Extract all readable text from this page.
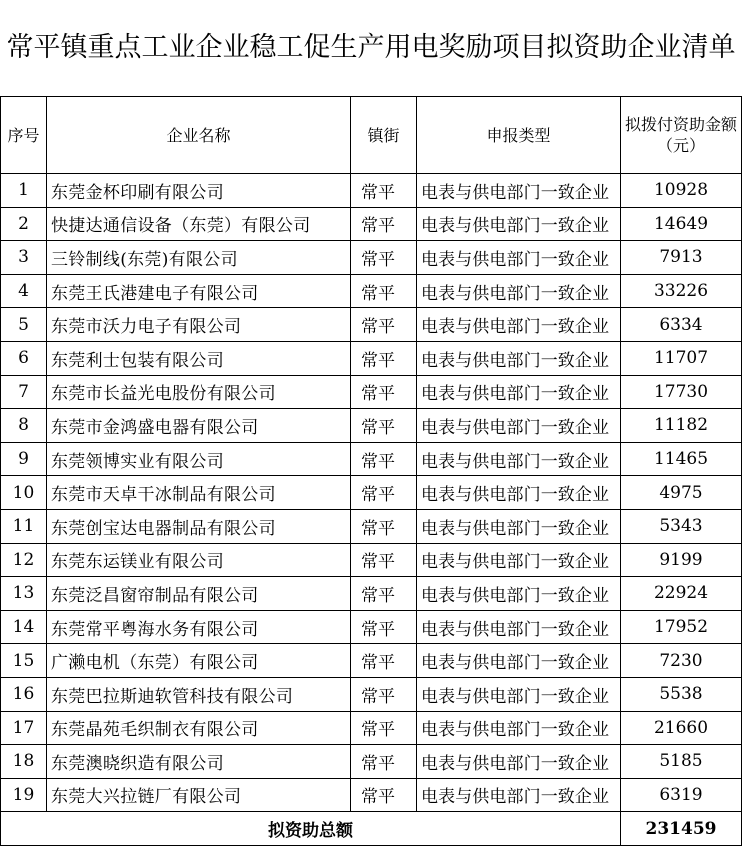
常平镇重点工业企业稳工促生产用电奖励项目拟资助企业清单
序号	企业名称	镇街	申报类型	拟拨付资助金额（元）
1	东莞金杯印刷有限公司	常平	电表与供电部门一致企业	10928
2	快捷达通信设备（东莞）有限公司	常平	电表与供电部门一致企业	14649
3	三铃制线(东莞)有限公司	常平	电表与供电部门一致企业	7913
4	东莞王氏港建电子有限公司	常平	电表与供电部门一致企业	33226
5	东莞市沃力电子有限公司	常平	电表与供电部门一致企业	6334
6	东莞利士包装有限公司	常平	电表与供电部门一致企业	11707
7	东莞市长益光电股份有限公司	常平	电表与供电部门一致企业	17730
8	东莞市金鸿盛电器有限公司	常平	电表与供电部门一致企业	11182
9	东莞领博实业有限公司	常平	电表与供电部门一致企业	11465
10	东莞市天卓干冰制品有限公司	常平	电表与供电部门一致企业	4975
11	东莞创宝达电器制品有限公司	常平	电表与供电部门一致企业	5343
12	东莞东运镁业有限公司	常平	电表与供电部门一致企业	9199
13	东莞泛昌窗帘制品有限公司	常平	电表与供电部门一致企业	22924
14	东莞常平粤海水务有限公司	常平	电表与供电部门一致企业	17952
15	广濑电机（东莞）有限公司	常平	电表与供电部门一致企业	7230
16	东莞巴拉斯迪软管科技有限公司	常平	电表与供电部门一致企业	5538
17	东莞晶苑毛织制衣有限公司	常平	电表与供电部门一致企业	21660
18	东莞澳晓织造有限公司	常平	电表与供电部门一致企业	5185
19	东莞大兴拉链厂有限公司	常平	电表与供电部门一致企业	6319
拟资助总额				231459
